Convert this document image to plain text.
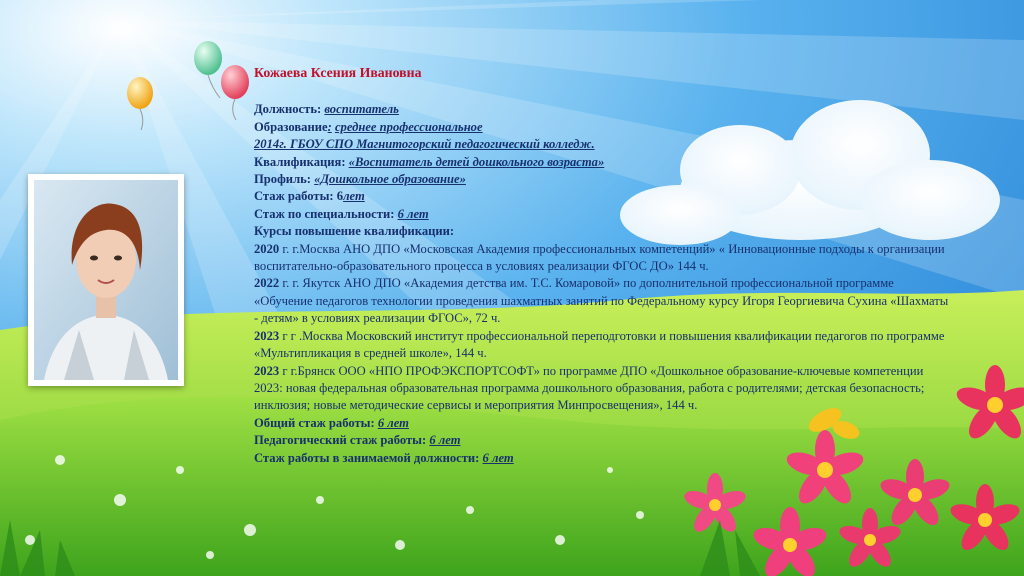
Кожаева Ксения Ивановна
Должность: воспитатель
Образование: среднее профессиональное
2014г. ГБОУ СПО Магнитогорский педагогический колледж.
Квалификация: «Воспитатель детей дошкольного возраста»
Профиль: «Дошкольное образование»
Стаж работы: 6лет
Стаж по специальности: 6 лет
Курсы повышение квалификации:
2020 г. г.Москва АНО ДПО «Московская Академия профессиональных компетенций» « Инновационные подходы к организации воспитательно-образовательного процесса в условиях реализации ФГОС ДО» 144 ч.
2022 г. г. Якутск АНО ДПО «Академия детства им. Т.С. Комаровой» по дополнительной профессиональной программе «Обучение педагогов технологии проведения шахматных занятий по Федеральному курсу Игоря Георгиевича Сухина «Шахматы - детям» в условиях реализации ФГОС», 72 ч.
2023 г г .Москва Московский институт профессиональной переподготовки и повышения квалификации педагогов по программе «Мультипликация в средней школе», 144 ч.
2023 г г.Брянск ООО «НПО ПРОФЭКСПОРТСОФТ» по программе ДПО «Дошкольное образование-ключевые компетенции 2023: новая федеральная образовательная программа дошкольного образования, работа с родителями; детская безопасность; инклюзия; новые методические сервисы и мероприятия Минпросвещения», 144 ч.
Общий стаж работы: 6 лет
Педагогический стаж работы: 6 лет
Стаж работы в занимаемой должности: 6 лет
